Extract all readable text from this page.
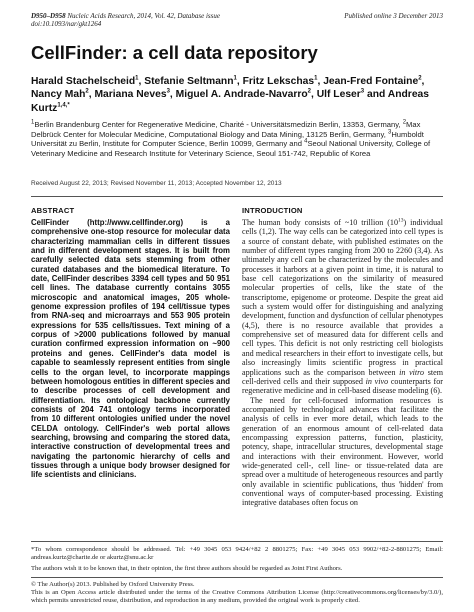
D950–D958 Nucleic Acids Research, 2014, Vol. 42, Database issue
doi:10.1093/nar/gkt1264
Published online 3 December 2013
CellFinder: a cell data repository
Harald Stachelscheid$^1$, Stefanie Seltmann$^1$, Fritz Lekschas$^1$, Jean-Fred Fontaine$^2$, Nancy Mah$^2$, Mariana Neves$^3$, Miguel A. Andrade-Navarro$^2$, Ulf Leser$^3$ and Andreas Kurtz$^{1,4,*}$
$^1$Berlin Brandenburg Center for Regenerative Medicine, Charité - Universitätsmedizin Berlin, 13353, Germany, $^2$Max Delbrück Center for Molecular Medicine, Computational Biology and Data Mining, 13125 Berlin, Germany, $^3$Humboldt Universität zu Berlin, Institute for Computer Science, Berlin 10099, Germany and $^4$Seoul National University, College of Veterinary Medicine and Research Institute for Veterinary Science, Seoul 151-742, Republic of Korea
Received August 22, 2013; Revised November 11, 2013; Accepted November 12, 2013
ABSTRACT

CellFinder (http://www.cellfinder.org) is a comprehensive one-stop resource for molecular data characterizing mammalian cells in different tissues and in different development stages. It is built from carefully selected data sets stemming from other curated databases and the biomedical literature. To date, CellFinder describes 3394 cell types and 50 951 cell lines. The database currently contains 3055 microscopic and anatomical images, 205 whole-genome expression profiles of 194 cell/tissue types from RNA-seq and microarrays and 553 905 protein expressions for 535 cells/tissues. Text mining of a corpus of >2000 publications followed by manual curation confirmed expression information on ~900 proteins and genes. CellFinder's data model is capable to seamlessly represent entities from single cells to the organ level, to incorporate mappings between homologous entities in different species and to describe processes of cell development and differentiation. Its ontological backbone currently consists of 204 741 ontology terms incorporated from 10 different ontologies unified under the novel CELDA ontology. CellFinder's web portal allows searching, browsing and comparing the stored data, interactive construction of developmental trees and navigating the partonomic hierarchy of cells and tissues through a unique body browser designed for life scientists and clinicians.

INTRODUCTION

The human body consists of ~10 trillion $(10^{13})$ individual cells (1,2). The way cells can be categorized into cell types is a source of constant debate, with published estimates on the number of different types ranging from 200 to 2260 (3,4). As ultimately any cell can be characterized by the molecules and processes it harbors at a given point in time, it is natural to base cell categorizations on the similarity of measured molecular properties of cells, like the state of the transcriptome, epigenome or proteome. Despite the great aid such a system would offer for distinguishing and analyzing development, function and dysfunction of cellular phenotypes (4,5), there is no resource available that provides a comprehensive set of measured data for different cells and cell types. This deficit is not only restricting cell biologists and medical researchers in their effort to investigate cells, but also increasingly limits scientific progress in practical applications such as the comparison between in vitro stem cell-derived cells and their supposed in vivo counterparts for regenerative medicine and in cell-based disease modeling (6).

The need for cell-focused information resources is accompanied by technological advances that facilitate the analysis of cells in ever more detail, which leads to the generation of an enormous amount of cell-related data encompassing expression patterns, function, plasticity, potency, shape, intracellular structures, developmental stage and interactions with their environment. However, world wide-generated cell-, cell line- or tissue-related data are spread over a multitude of heterogeneous resources and partly only available in scientific publications, thus 'hidden' from conventional ways of computer-based processing. Existing integrative databases often focus on

*To whom correspondence should be addressed. Tel: +49 3045 053 9424/+82 2 8801275; Fax: +49 3045 053 9902/+82-2-8801275; Email: andreas.kurtz@charite.de or akurtz@snu.ac.kr
The authors wish it to be known that, in their opinion, the first three authors should be regarded as Joint First Authors.
© The Author(s) 2013. Published by Oxford University Press.
This is an Open Access article distributed under the terms of the Creative Commons Attribution License (http://creativecommons.org/licenses/by/3.0/), which permits unrestricted reuse, distribution, and reproduction in any medium, provided the original work is properly cited.
